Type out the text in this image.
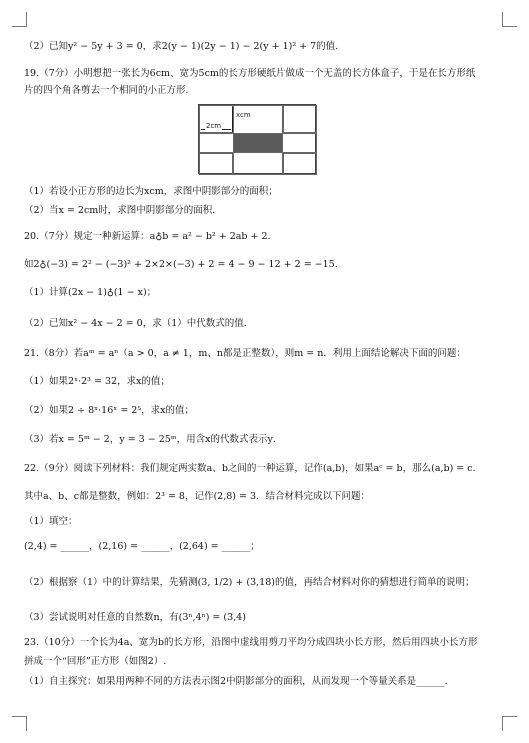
（2）已知y² − 5y + 3 = 0，求2(y − 1)(2y − 1) − 2(y + 1)² + 7的值.
19.（7分）小明想把一张长为6cm、宽为5cm的长方形硬纸片做成一个无盖的长方体盒子，于是在长方形纸
片的四个角各剪去一个相同的小正方形.
xcm
2cm
（1）若设小正方形的边长为xcm，求图中阴影部分的面积；
（2）当x = 2cm时，求图中阴影部分的面积.
20.（7分）规定一种新运算：a♁b = a² − b² + 2ab + 2.
如2♁(−3) = 2² − (−3)² + 2×2×(−3) + 2 = 4 − 9 − 12 + 2 = −15.
（1）计算(2x − 1)♁(1 − x)；
（2）已知x² − 4x − 2 = 0，求（1）中代数式的值.
21.（8分）若aᵐ = aⁿ（a > 0，a ≠ 1，m、n都是正整数），则m = n．利用上面结论解决下面的问题：
（1）如果2ˣ·2³ = 32，求x的值；
（2）如果2 ÷ 8ˣ·16ˣ = 2⁵，求x的值；
（3）若x = 5ᵐ − 2，y = 3 − 25ᵐ，用含x的代数式表示y．
22.（9分）阅读下列材料：我们规定两实数a、b之间的一种运算，记作(a,b)，如果aᶜ = b，那么(a,b) = c．
其中a、b、c都是整数，例如：2³ = 8，记作(2,8) = 3．结合材料完成以下问题：
（1）填空：
(2,4) = ______，(2,16) = ______，(2,64) = ______；
（2）根据察（1）中的计算结果，先猜测(3, 1/2) + (3,18)的值，再结合材料对你的猜想进行简单的说明；
（3）尝试说明对任意的自然数n，有(3ⁿ,4ⁿ) = (3,4)
23.（10分）一个长为4a、宽为b的长方形，沿图中虚线用剪刀平均分成四块小长方形，然后用四块小长方形
拼成一个“回形”正方形（如图2）.
（1）自主探究：如果用两种不同的方法表示图2中阴影部分的面积，从而发现一个等量关系是______.
